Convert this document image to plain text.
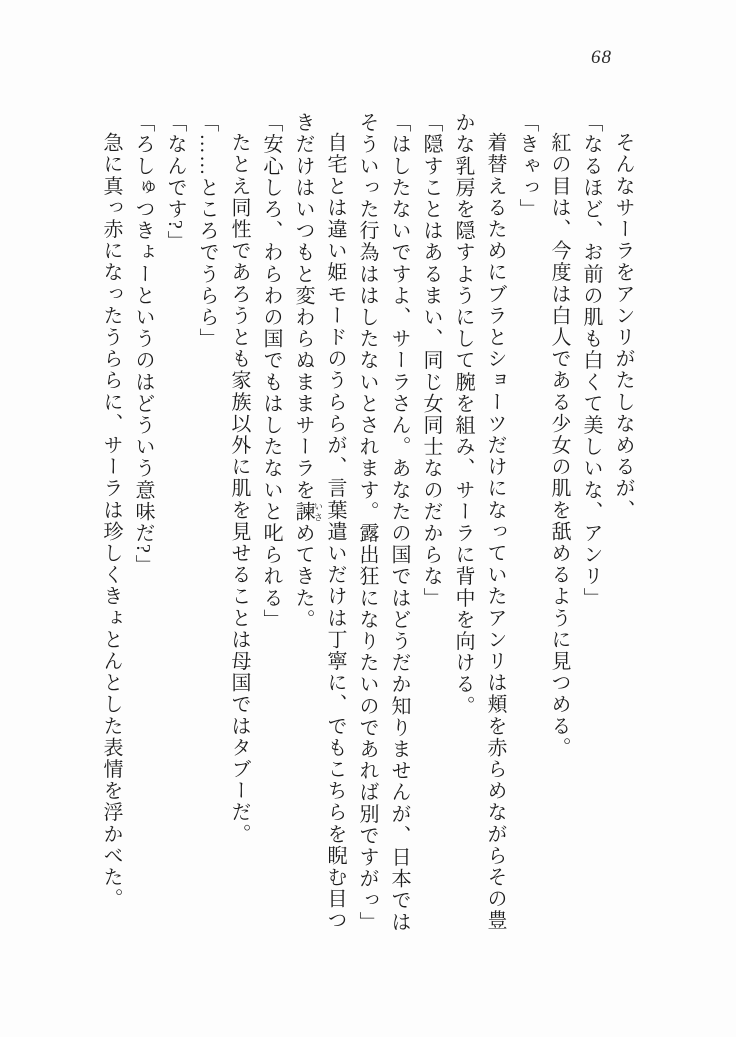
68

そんなサーラをアンリがたしなめるが、

「なるほど、お前の肌も白くて美しいな、アンリ」

紅の目は、今度は白人である少女の肌を舐めるように見つめる。

「きゃっ」

着替えるためにブラとショーツだけになっていたアンリは頬を赤らめながらその豊かな乳房を隠すようにして腕を組み、サーラに背中を向ける。

「隠すことはあるまい、同じ女同士なのだからな」

「はしたないですよ、サーラさん。あなたの国ではどうだか知りませんが、日本ではそういった行為ははしたないとされます。露出狂になりたいのであれば別ですがっ」

自宅とは違い姫モードのうららが、言葉遣いだけは丁寧に、でもこちらを睨む目つきだけはいつもと変わらぬままサーラを諫 いさめてきた。

「安心しろ、わらわの国でもはしたないと叱られる」

たとえ同性であろうとも家族以外に肌を見せることは母国ではタブーだ。

「……ところでうらら」

「なんです?」

「ろしゅつきょーというのはどういう意味だ?」

急に真っ赤になったうららに、サーラは珍しくきょとんとした表情を浮かべた。
